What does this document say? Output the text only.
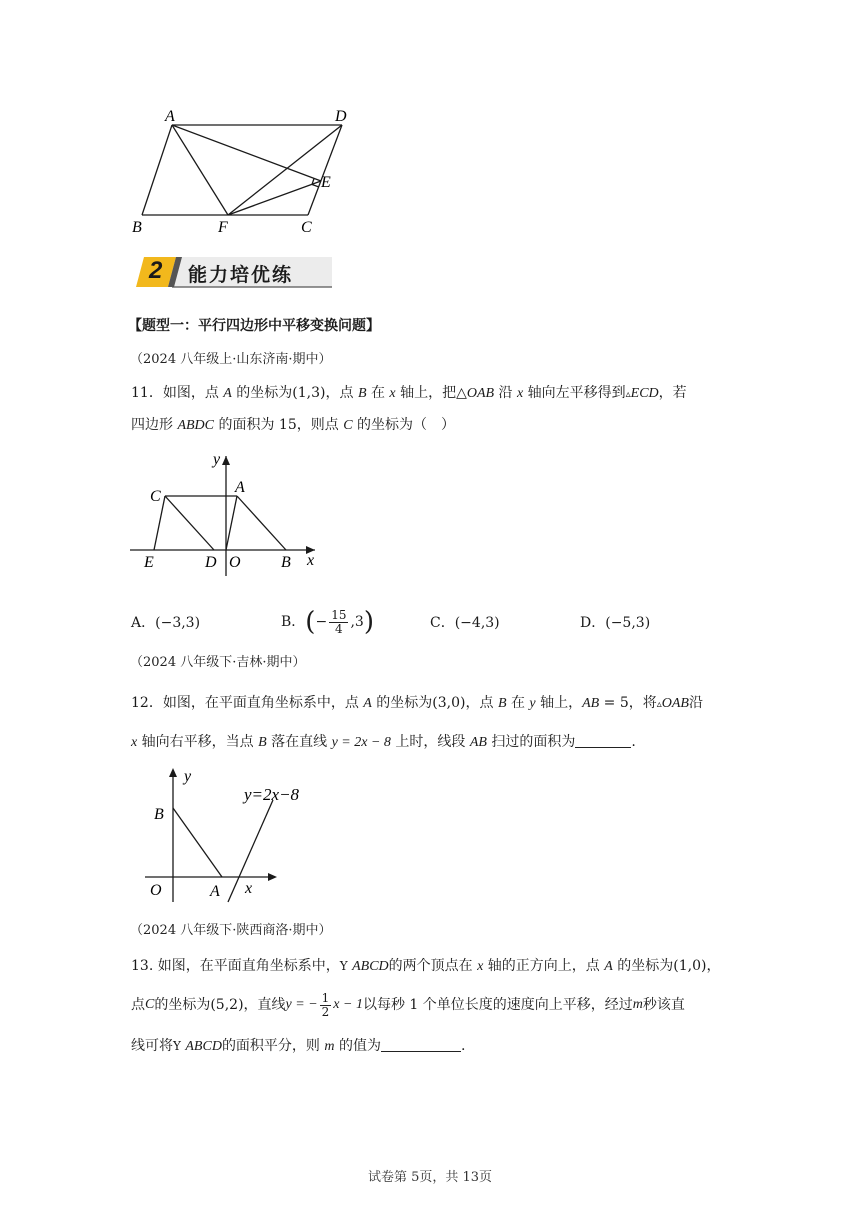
A	D
E
B	F	C
2 能力培优练
【题型一：平行四边形中平移变换问题】
（2024 八年级上·山东济南·期中）
11．如图，点 A 的坐标为(1,3)，点 B 在 x 轴上，把△OAB 沿 x 轴向左平移得到▵ECD，若
四边形 ABDC 的面积为 15，则点 C 的坐标为（　）
y
C
A
E	D O	B x
A．(−3,3)	B． ( − $\frac{15}{4} ,3$ )	C．(−4,3)	D．(−5,3)
（2024 八年级下·吉林·期中）
12．如图，在平面直角坐标系中，点 A 的坐标为(3,0)，点 B 在 y 轴上，AB = 5，将▵OAB沿
x 轴向右平移，当点 B 落在直线 y = 2x − 8 上时，线段 AB 扫过的面积为	.
y
y=2x−8
B
O	A x
（2024 八年级下·陕西商洛·期中）
13. 如图，在平面直角坐标系中，Y ABCD的两个顶点在 x 轴的正方向上，点 A 的坐标为(1,0)，
点 C 的坐标为 (5,2) ，直线 y = − $\frac{1}{2}$ x − 1 以每秒 1 个单位长度的速度向上平移，经过 m 秒该直
线可将Y ABCD的面积平分，则 m 的值为	.
试卷第 5页，共 13页
